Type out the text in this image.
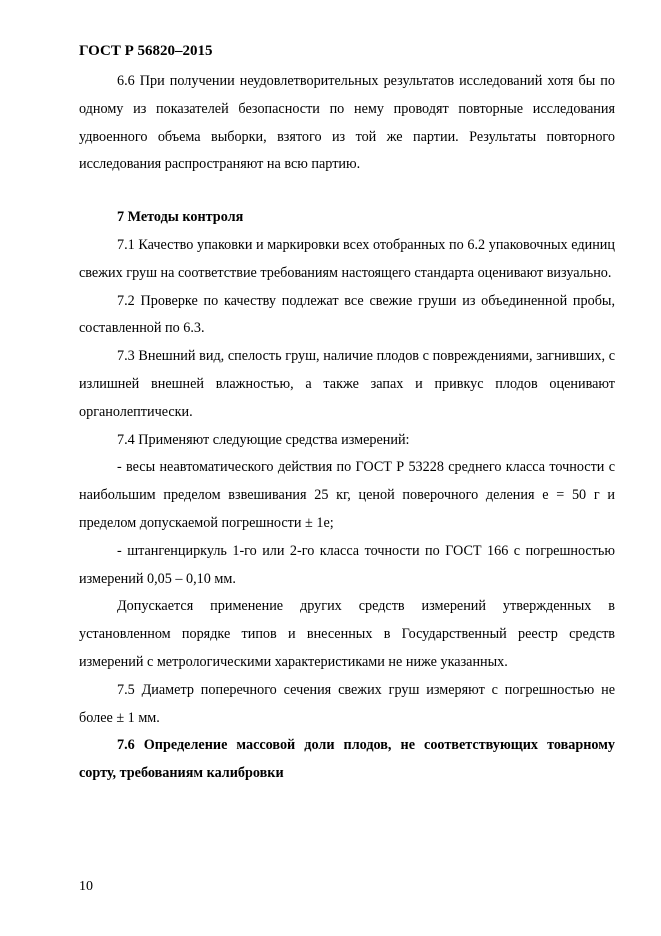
ГОСТ Р 56820–2015

6.6 При получении неудовлетворительных результатов исследований хотя бы по одному из показателей безопасности по нему проводят повторные исследования удвоенного объема выборки, взятого из той же партии. Результаты повторного исследования распространяют на всю партию.

7 Методы контроля

7.1 Качество упаковки и маркировки всех отобранных по 6.2 упаковочных единиц свежих груш на соответствие требованиям настоящего стандарта оценивают визуально.

7.2 Проверке по качеству подлежат все свежие груши из объединенной пробы, составленной по 6.3.

7.3 Внешний вид, спелость груш, наличие плодов с повреждениями, загнивших, с излишней внешней влажностью, а также запах и привкус плодов оценивают органолептически.

7.4 Применяют следующие средства измерений:

- весы неавтоматического действия по ГОСТ Р 53228 среднего класса точности с наибольшим пределом взвешивания 25 кг, ценой поверочного деления e = 50 г и пределом допускаемой погрешности ± 1e;

- штангенциркуль 1-го или 2-го класса точности по ГОСТ 166 с погрешностью измерений 0,05 – 0,10 мм.

Допускается применение других средств измерений утвержденных в установленном порядке типов и внесенных в Государственный реестр средств измерений с метрологическими характеристиками не ниже указанных.

7.5 Диаметр поперечного сечения свежих груш измеряют с погрешностью не более ± 1 мм.

7.6 Определение массовой доли плодов, не соответствующих товарному сорту, требованиям калибровки

10
